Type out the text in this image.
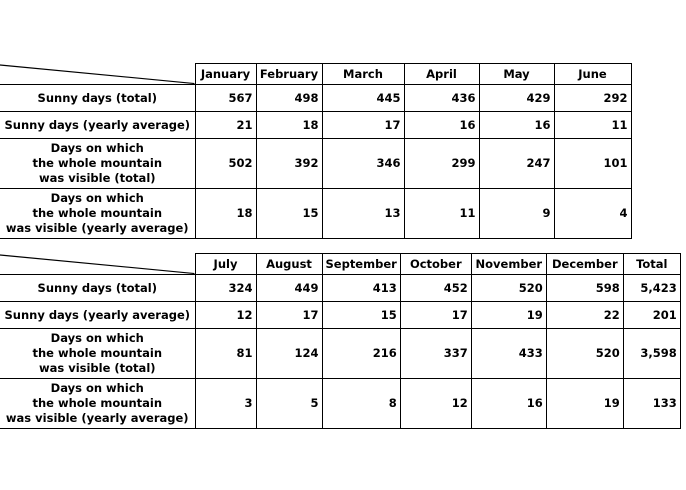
	January	February	March	April	May	June
Sunny days (total)	567	498	445	436	429	292
Sunny days (yearly average)	21	18	17	16	16	11

Days on which
the whole mountain
was visible (total)	502	392	346	299	247	101

Days on which
the whole mountain
was visible (yearly average)	18	15	13	11	9	4
	July	August	September	October	November	December	Total
Sunny days (total)	324	449	413	452	520	598	5,423
Sunny days (yearly average)	12	17	15	17	19	22	201

Days on which
the whole mountain
was visible (total)	81	124	216	337	433	520	3,598

Days on which
the whole mountain
was visible (yearly average)	3	5	8	12	16	19	133
